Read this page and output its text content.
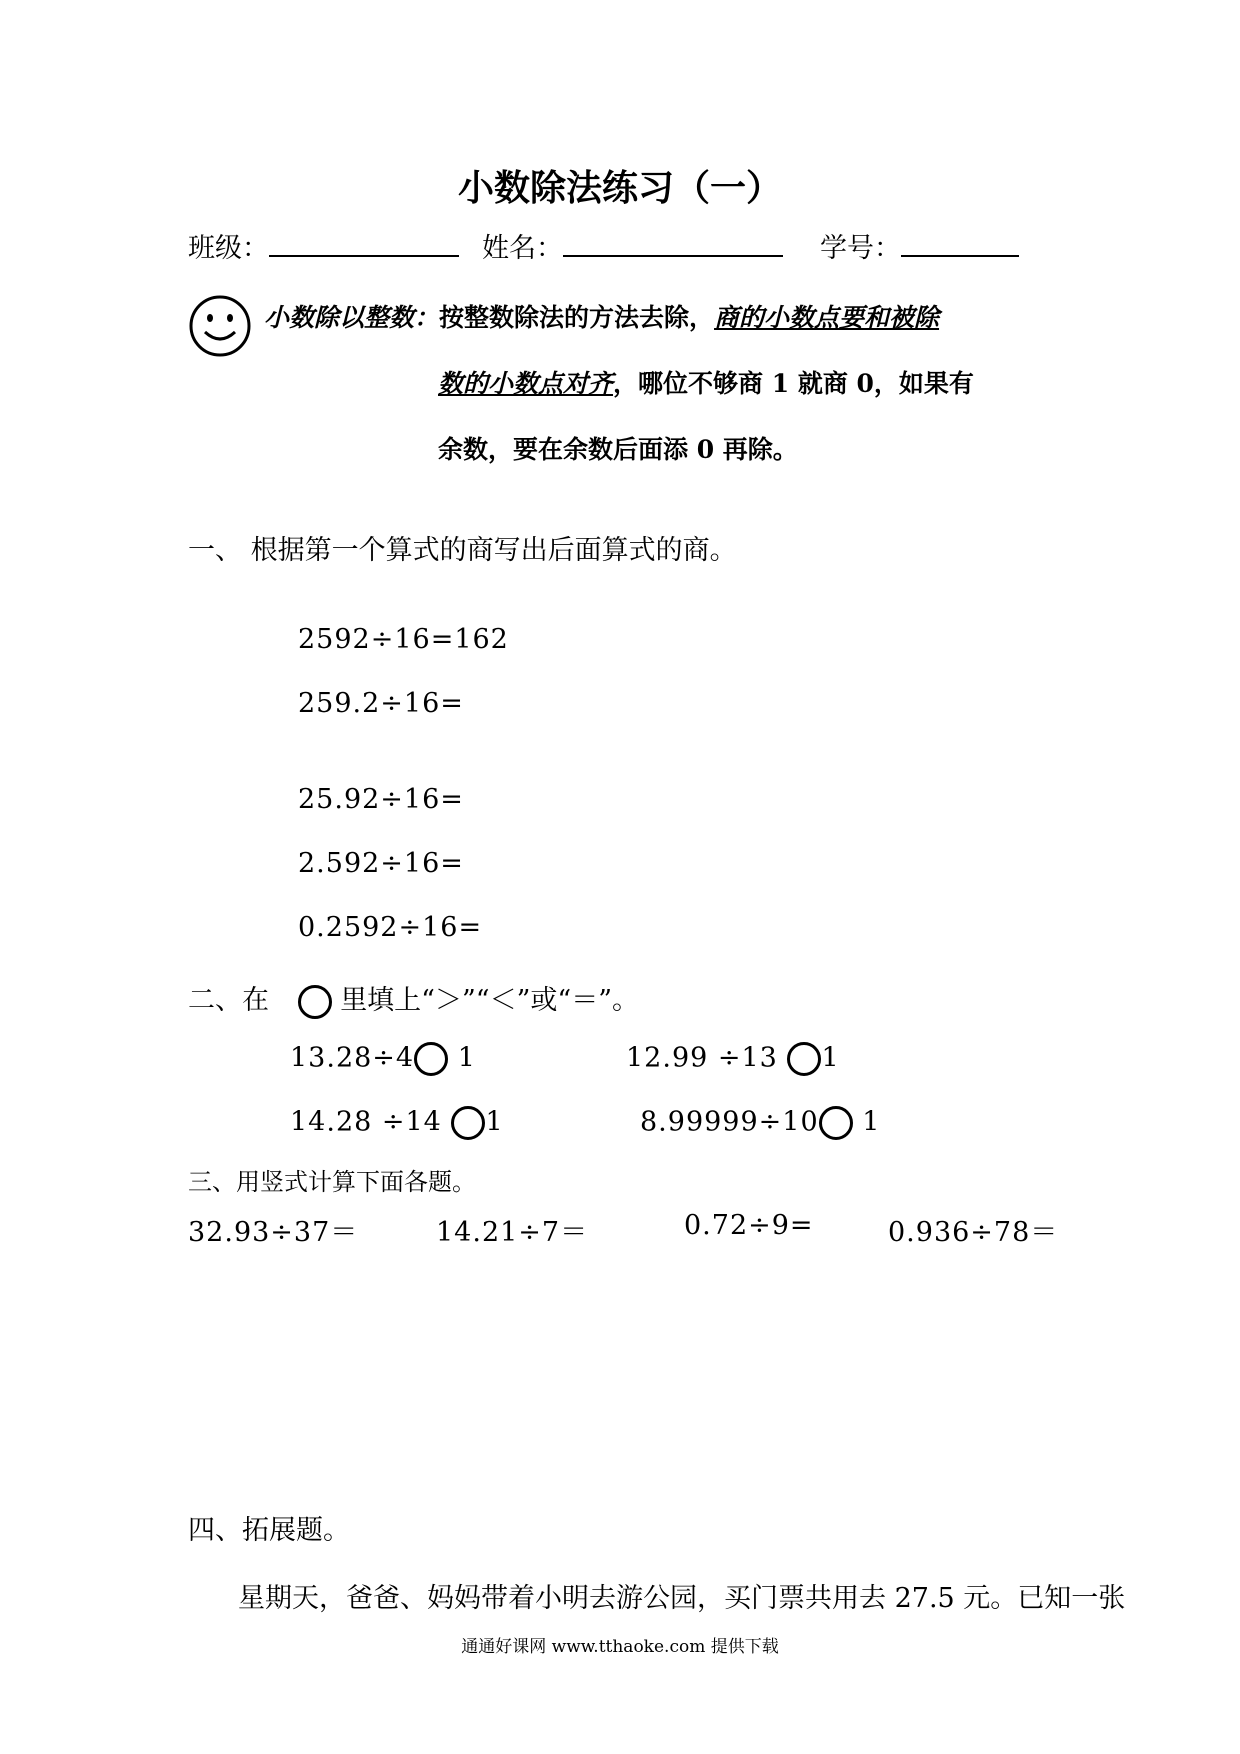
小数除法练习（一）
班级：	姓名：	学号：
小数除以整数：按整数除法的方法去除，商的小数点要和被除
数的小数点对齐，哪位不够商 1 就商 0，如果有
余数，要在余数后面添 0 再除。
一、 根据第一个算式的商写出后面算式的商。
2592÷16=162
259.2÷16=
25.92÷16=
2.592÷16=
0.2592÷16=
二、在	里填上“＞”“＜”或“＝”。
13.28÷4 1	12.99 ÷13 1
14.28 ÷14 1	8.99999÷10 1
三、用竖式计算下面各题。
32.93÷37＝	14.21÷7＝	0.72÷9=	0.936÷78＝
四、拓展题。
星期天，爸爸、妈妈带着小明去游公园，买门票共用去 27.5 元。已知一张
通通好课网 www.tthaoke.com 提供下载
